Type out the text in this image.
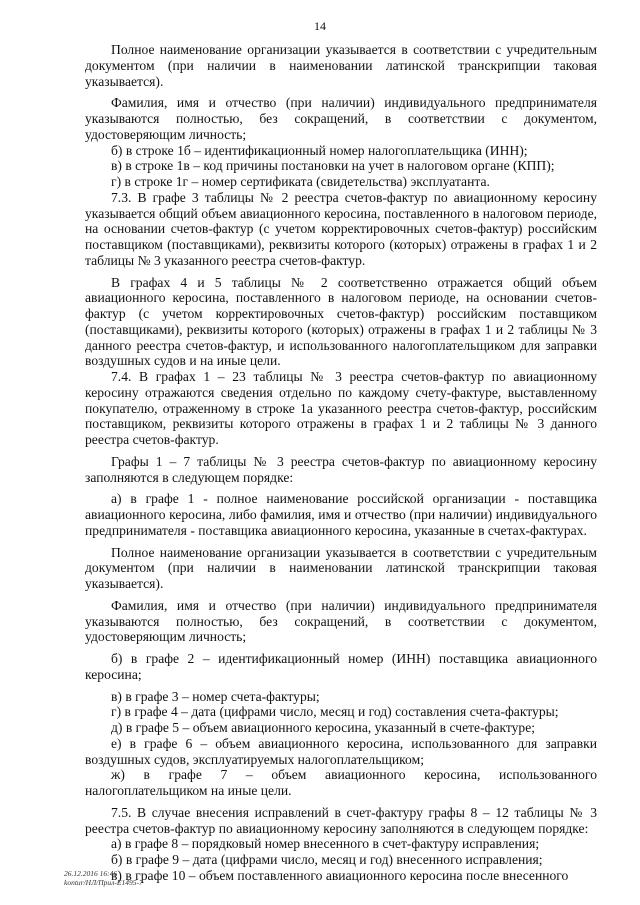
14

Полное наименование организации указывается в соответствии с учредительным документом (при наличии в наименовании латинской транскрипции таковая указывается).

Фамилия, имя и отчество (при наличии) индивидуального предпринимателя указываются полностью, без сокращений, в соответствии с документом, удостоверяющим личность;

б) в строке 1б – идентификационный номер налогоплательщика (ИНН);

в) в строке 1в – код причины постановки на учет в налоговом органе (КПП);

г) в строке 1г – номер сертификата (свидетельства) эксплуатанта.

7.3. В графе 3 таблицы № 2 реестра счетов-фактур по авиационному керосину указывается общий объем авиационного керосина, поставленного в налоговом периоде, на основании счетов-фактур (с учетом корректировочных счетов-фактур) российским поставщиком (поставщиками), реквизиты которого (которых) отражены в графах 1 и 2 таблицы № 3 указанного реестра счетов-фактур.

В графах 4 и 5 таблицы № 2 соответственно отражается общий объем авиационного керосина, поставленного в налоговом периоде, на основании счетов-фактур (с учетом корректировочных счетов-фактур) российским поставщиком (поставщиками), реквизиты которого (которых) отражены в графах 1 и 2 таблицы № 3 данного реестра счетов-фактур, и использованного налогоплательщиком для заправки воздушных судов и на иные цели.

7.4. В графах 1 – 23 таблицы № 3 реестра счетов-фактур по авиационному керосину отражаются сведения отдельно по каждому счету-фактуре, выставленному покупателю, отраженному в строке 1а указанного реестра счетов-фактур, российским поставщиком, реквизиты которого отражены в графах 1 и 2 таблицы № 3 данного реестра счетов-фактур.

Графы 1 – 7 таблицы № 3 реестра счетов-фактур по авиационному керосину заполняются в следующем порядке:

а) в графе 1 - полное наименование российской организации - поставщика авиационного керосина, либо фамилия, имя и отчество (при наличии) индивидуального предпринимателя - поставщика авиационного керосина, указанные в счетах-фактурах.

Полное наименование организации указывается в соответствии с учредительным документом (при наличии в наименовании латинской транскрипции таковая указывается).

Фамилия, имя и отчество (при наличии) индивидуального предпринимателя указываются полностью, без сокращений, в соответствии с документом, удостоверяющим личность;

б) в графе 2 – идентификационный номер (ИНН) поставщика авиационного керосина;

в) в графе 3 – номер счета-фактуры;

г) в графе 4 – дата (цифрами число, месяц и год) составления счета-фактуры;

д) в графе 5 – объем авиационного керосина, указанный в счете-фактуре;

е) в графе 6 – объем авиационного керосина, использованного для заправки воздушных судов, эксплуатируемых налогоплательщиком;

ж) в графе 7 – объем авиационного керосина, использованного налогоплательщиком на иные цели.

7.5. В случае внесения исправлений в счет-фактуру графы 8 – 12 таблицы № 3 реестра счетов-фактур по авиационному керосину заполняются в следующем порядке:

а) в графе 8 – порядковый номер внесенного в счет-фактуру исправления;

б) в графе 9 – дата (цифрами число, месяц и год) внесенного исправления;

в) в графе 10 – объем поставленного авиационного керосина после внесенного

26.12.2016 16:46
kontur/НЛ/Прил-Е1495-7
